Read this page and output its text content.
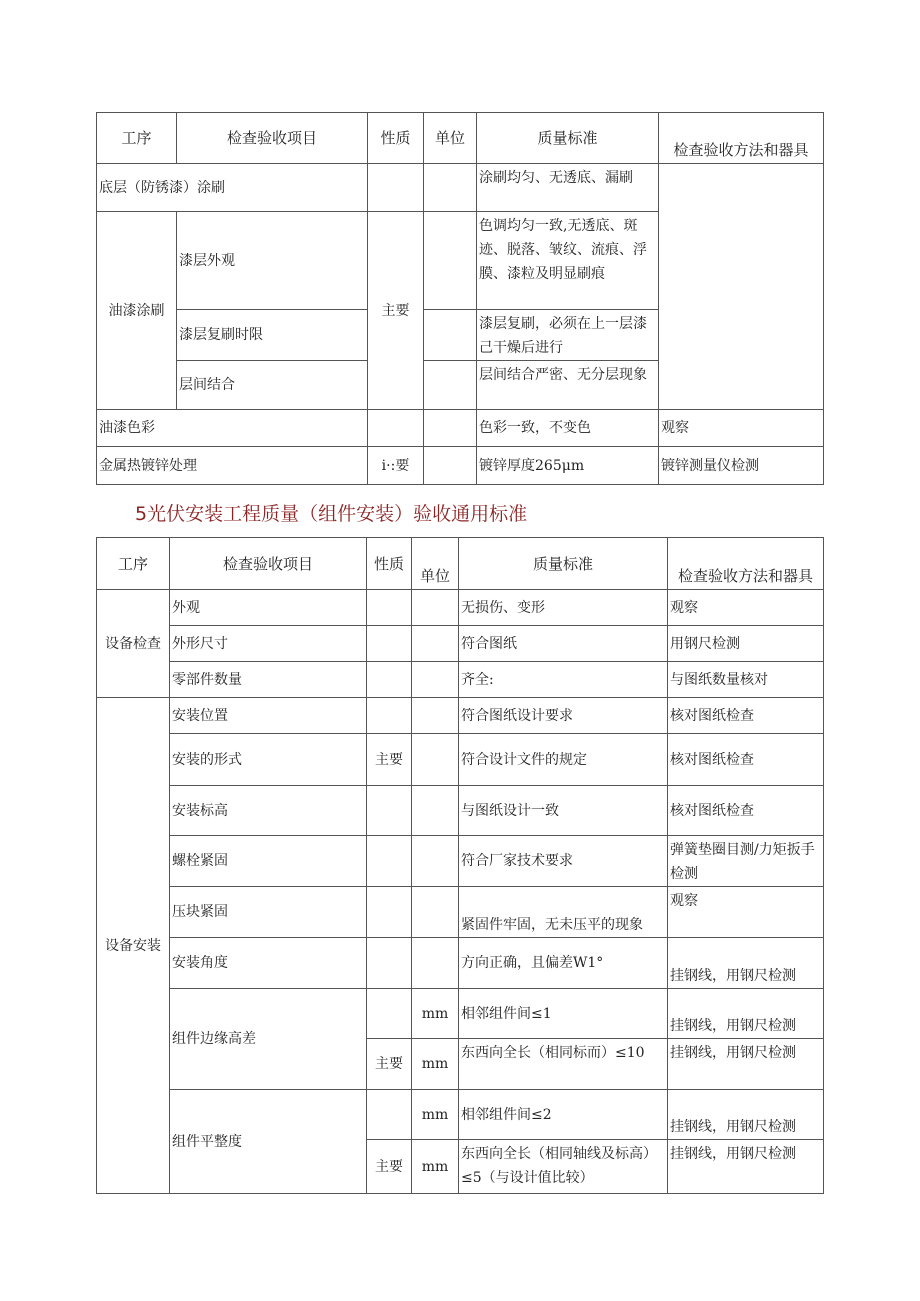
工序	检查验收项目	性质	单位	质量标准	检查验收方法和器具
底层（防锈漆）涂刷				涂刷均匀、无透底、漏刷	
油漆涂刷	漆层外观	主要		色调均匀一致,无透底、斑迹、脱落、皱纹、流痕、浮膜、漆粒及明显刷痕	
	漆层复刷时限			漆层复刷，必须在上一层漆己干燥后进行	
	层间结合			层间结合严密、无分层现象	
油漆色彩				色彩一致，不变色	观察
金属热镀锌处理		i·:要		镀锌厚度265μm	镀锌测量仪检测
5光伏安装工程质量（组件安装）验收通用标准
工序	检查验收项目	性质	单位	质量标准	检查验收方法和器具
设备检查	外观			无损伤、变形	观察
	外形尺寸			符合图纸	用钢尺检测
	零部件数量			齐全:	与图纸数量核对
设备安装	安装位置			符合图纸设计要求	核对图纸检查
	安装的形式	主要		符合设计文件的规定	核对图纸检查
	安装标高			与图纸设计一致	核对图纸检查
	螺栓紧固			符合厂家技术要求	弹簧垫圈目测/力矩扳手检测
	压块紧固			紧固件牢固，无未压平的现象	观察
	安装角度			方向正确，且偏差W1°	挂钢线，用钢尺检测
	组件边缘高差		mm	相邻组件间≤1	挂钢线，用钢尺检测
		主要	mm	东西向全长（相同标而）≤10	挂钢线，用钢尺检测
	组件平整度		mm	相邻组件间≤2	挂钢线，用钢尺检测
		主要	mm	东西向全长（相同轴线及标高）≤5（与设计值比较）	挂钢线，用钢尺检测
